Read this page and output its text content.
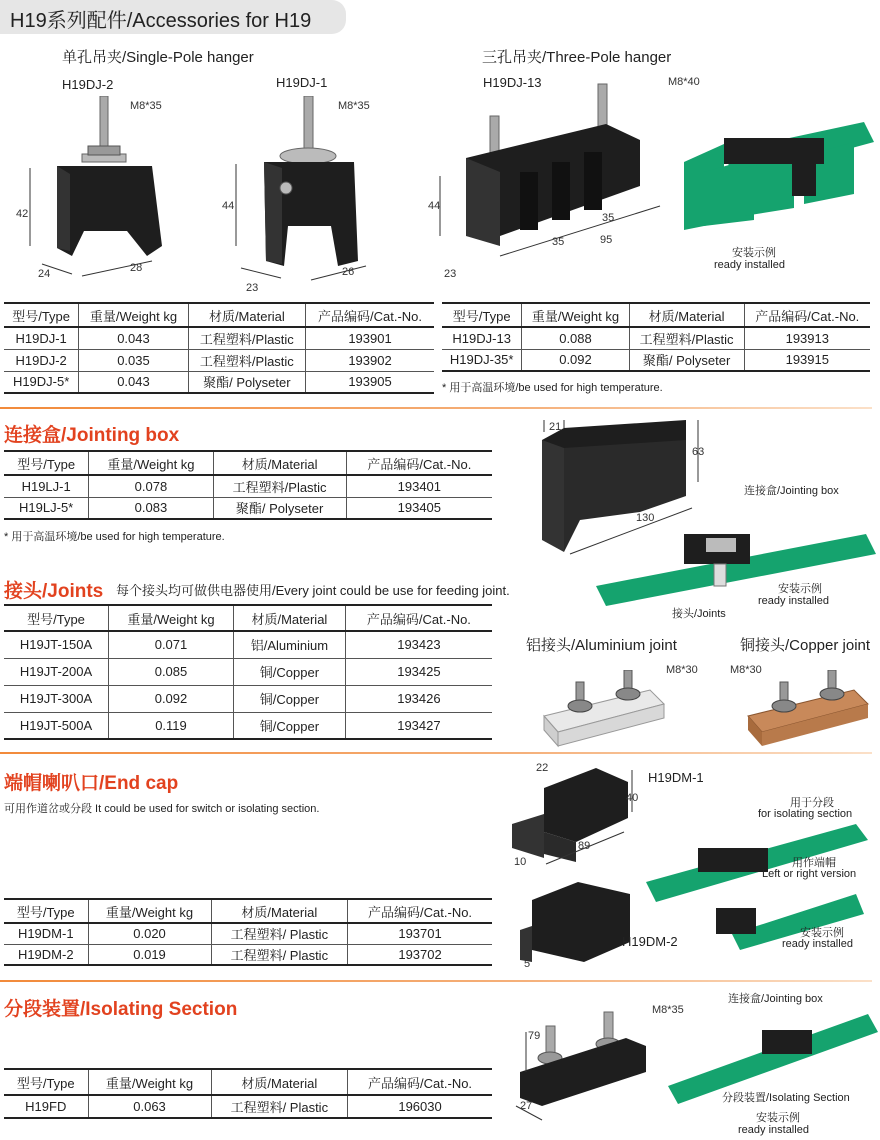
H19系列配件/Accessories for H19
单孔吊夹/Single-Pole hanger	三孔吊夹/Three-Pole hanger
H19DJ-2	H19DJ-1	H19DJ-13
42
24	28
M8*35
44
23
26
M8*35
44
23
35
35
95
M8*40
安装示例
ready installed
型号/Type	重量/Weight kg	材质/Material	产品编码/Cat.-No.
H19DJ-1	0.043	工程塑料/Plastic	193901
H19DJ-2	0.035	工程塑料/Plastic	193902
H19DJ-5*	0.043	聚酯/ Polyseter	193905
型号/Type	重量/Weight kg	材质/Material	产品编码/Cat.-No.
H19DJ-13	0.088	工程塑料/Plastic	193913
H19DJ-35*	0.092	聚酯/ Polyseter	193915
* 用于高温环境/be used for high temperature.
连接盒/Jointing box
型号/Type	重量/Weight kg	材质/Material	产品编码/Cat.-No.
H19LJ-1	0.078	工程塑料/Plastic	193401
H19LJ-5*	0.083	聚酯/ Polyseter	193405
* 用于高温环境/be used for high temperature.
21
63
130
连接盒/Jointing box
接头/Joints
安装示例
ready installed
接头/Joints 每个接头均可做供电器使用/Every joint could be use for feeding joint.
型号/Type	重量/Weight kg	材质/Material	产品编码/Cat.-No.
H19JT-150A	0.071	铝/Aluminium	193423
H19JT-200A	0.085	铜/Copper	193425
H19JT-300A	0.092	铜/Copper	193426
H19JT-500A	0.119	铜/Copper	193427
铝接头/Aluminium joint	铜接头/Copper joint
M8*30	M8*30
端帽喇叭口/End cap
可用作道岔或分段 It could be used for switch or isolating section.
型号/Type	重量/Weight kg	材质/Material	产品编码/Cat.-No.
H19DM-1	0.020	工程塑料/ Plastic	193701
H19DM-2	0.019	工程塑料/ Plastic	193702
22
40
89
10
H19DM-1
5
H19DM-2
用于分段
for isolating section
用作端帽
Left or right version
安装示例
ready installed
分段装置/Isolating Section
型号/Type	重量/Weight kg	材质/Material	产品编码/Cat.-No.
H19FD	0.063	工程塑料/ Plastic	196030
M8*35
79
27
连接盒/Jointing box
分段装置/Isolating Section
安装示例
ready installed
